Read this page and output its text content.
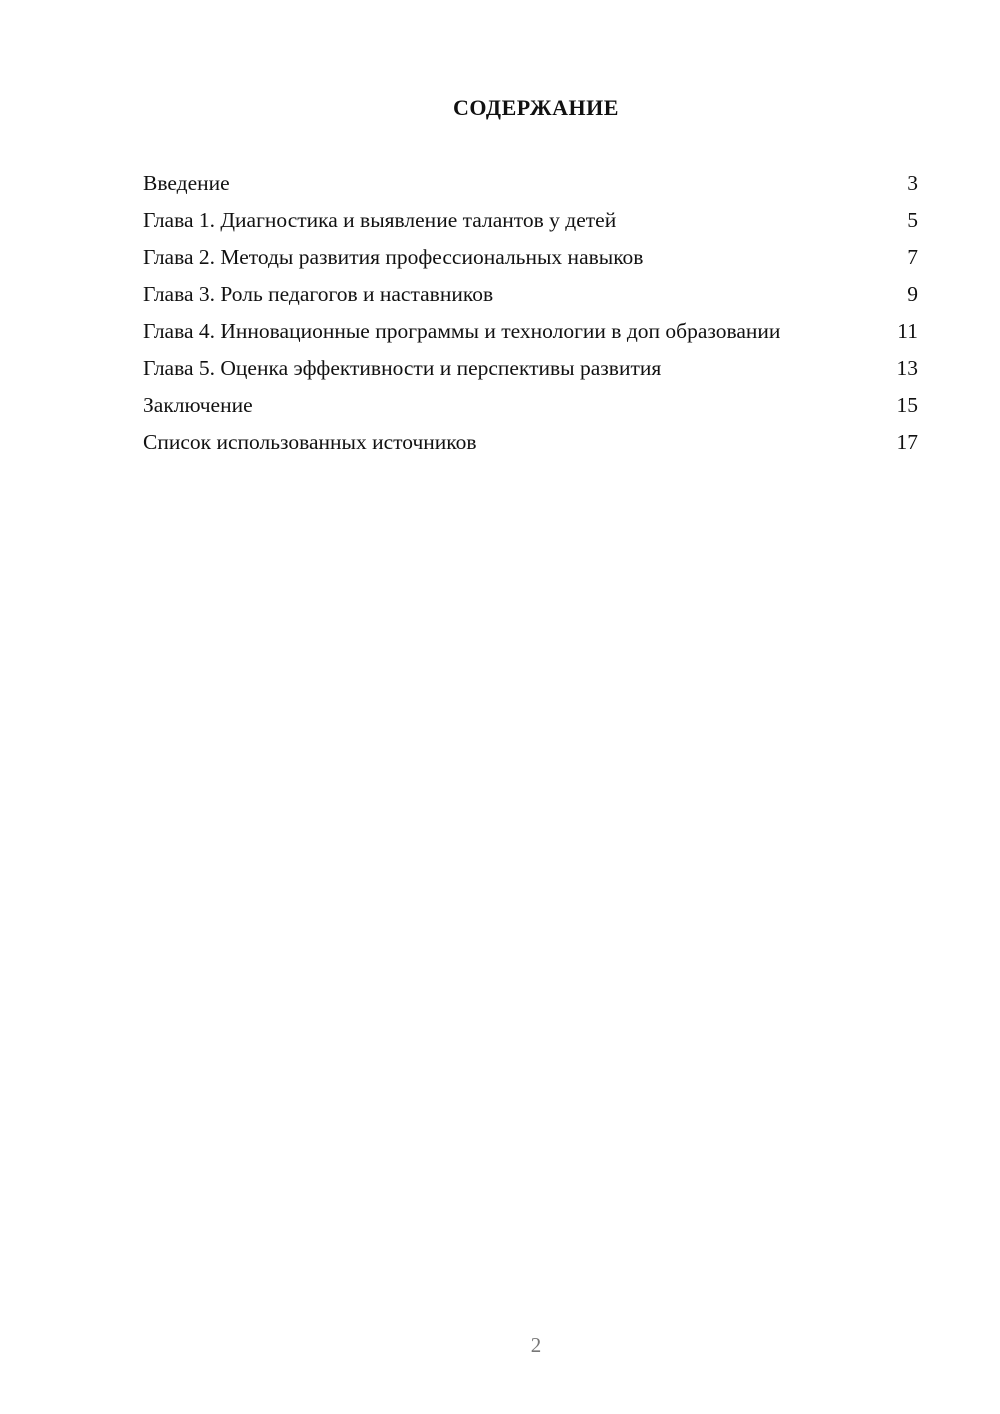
СОДЕРЖАНИЕ
Введение	3
Глава 1. Диагностика и выявление талантов у детей	5
Глава 2. Методы развития профессиональных навыков	7
Глава 3. Роль педагогов и наставников	9
Глава 4. Инновационные программы и технологии в доп образовании	11
Глава 5. Оценка эффективности и перспективы развития	13
Заключение	15
Список использованных источников	17
2
